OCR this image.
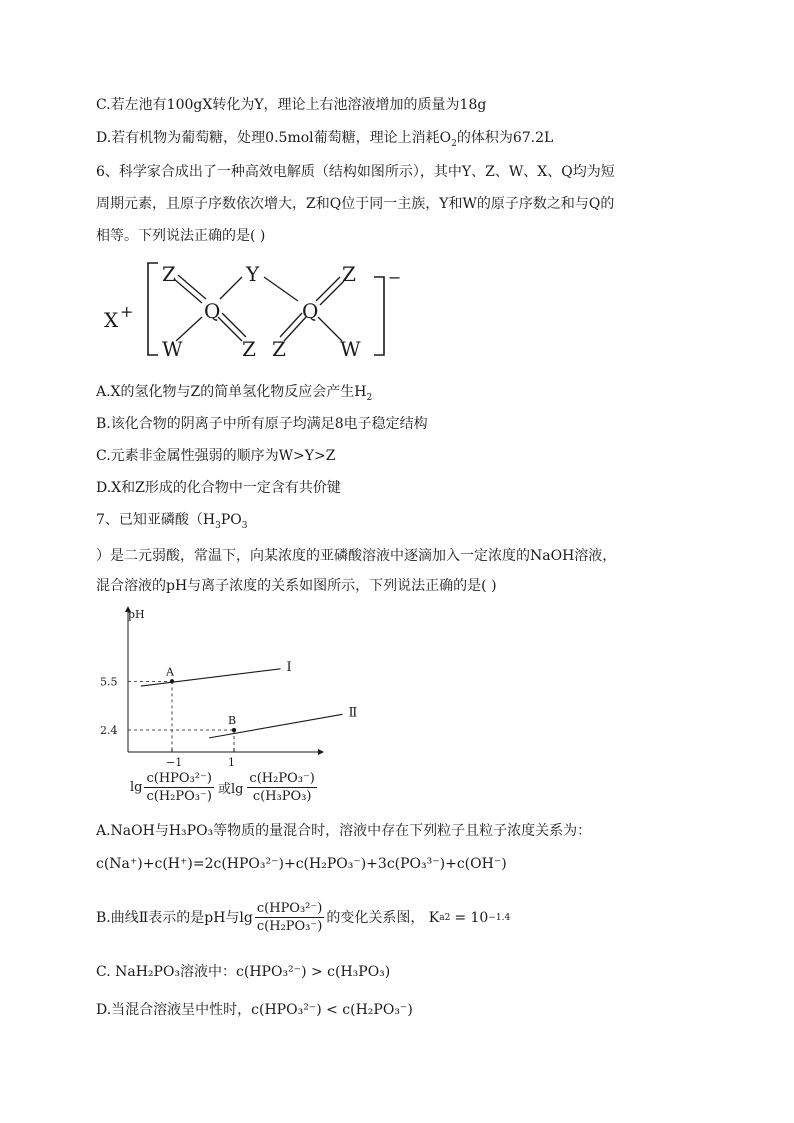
C.若左池有100gX转化为Y，理论上右池溶液增加的质量为18g
D.若有机物为葡萄糖，处理0.5mol葡萄糖，理论上消耗$O_2$的体积为67.2L
6、科学家合成出了一种高效电解质（结构如图所示），其中Y、Z、W、X、Q均为短
周期元素，且原子序数依次增大，Z和Q位于同一主族，Y和W的原子序数之和与Q的
相等。下列说法正确的是( )
X +
−
Z
Q
Y
Q
Z
W	Z Z	W
A.X的氢化物与Z的简单氢化物反应会产生$H_2$
B.该化合物的阴离子中所有原子均满足8电子稳定结构
C.元素非金属性强弱的顺序为W>Y>Z
D.X和Z形成的化合物中一定含有共价键
7、已知亚磷酸（$H_3PO_3$
）是二元弱酸，常温下，向某浓度的亚磷酸溶液中逐滴加入一定浓度的NaOH溶液，
混合溶液的pH与离子浓度的关系如图所示，下列说法正确的是( )
Ⅰ
Ⅱ
A
B
−1	1
2.4
5.5
pH
$\lg \frac{\text{c(HPO₃²⁻)}}{\text{c(H₂PO₃⁻)}}$ 或$\lg \frac{\text{c(H₂PO₃⁻)}}{\text{c(H₃PO₃)}}$
A.NaOH与H₃PO₃等物质的量混合时，溶液中存在下列粒子且粒子浓度关系为：
c(Na⁺)+c(H⁺)=2c(HPO₃²⁻)+c(H₂PO₃⁻)+3c(PO₃³⁻)+c(OH⁻)
B.曲线Ⅱ表示的是pH与$\lg \frac{\text{c(HPO₃²⁻)}}{\text{c(H₂PO₃⁻)}}$ 的变化关系图， K a2 = 10 −1.4
C. NaH₂PO₃溶液中：c(HPO₃²⁻) > c(H₃PO₃)
D.当混合溶液呈中性时，c(HPO₃²⁻) < c(H₂PO₃⁻)
